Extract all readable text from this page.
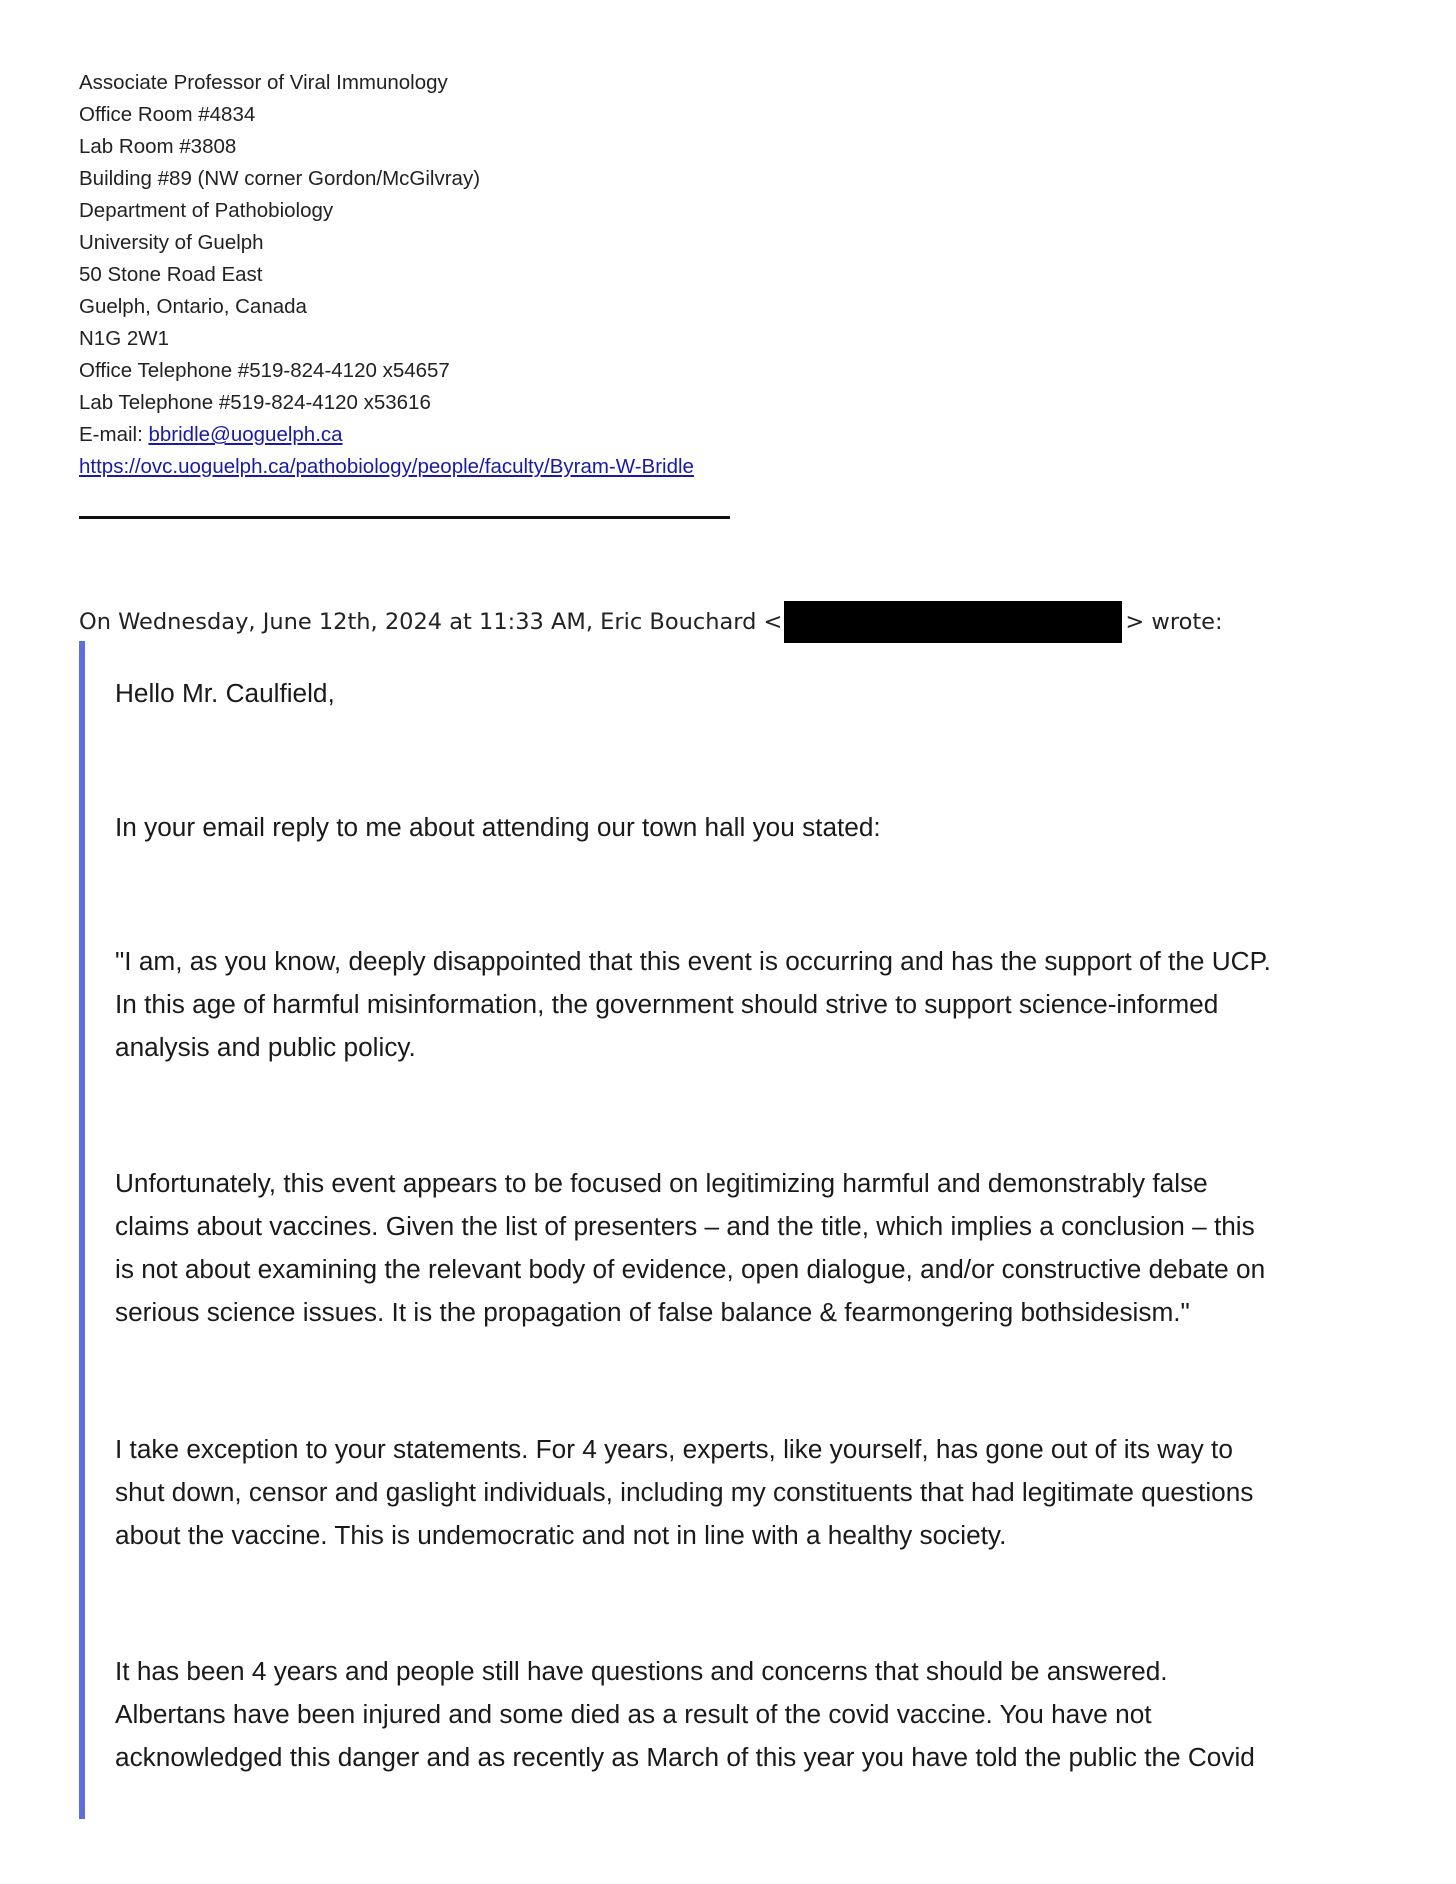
Associate Professor of Viral Immunology
Office Room #4834
Lab Room #3808
Building #89 (NW corner Gordon/McGilvray)
Department of Pathobiology
University of Guelph
50 Stone Road East
Guelph, Ontario, Canada
N1G 2W1
Office Telephone #519-824-4120 x54657
Lab Telephone #519-824-4120 x53616
E-mail: bbridle@uoguelph.ca
https://ovc.uoguelph.ca/pathobiology/people/faculty/Byram-W-Bridle
On Wednesday, June 12th, 2024 at 11:33 AM, Eric Bouchard <	> wrote:
Hello Mr. Caulfield,
In your email reply to me about attending our town hall you stated:
"I am, as you know, deeply disappointed that this event is occurring and has the support of the UCP.
In this age of harmful misinformation, the government should strive to support science-informed
analysis and public policy.
Unfortunately, this event appears to be focused on legitimizing harmful and demonstrably false
claims about vaccines. Given the list of presenters – and the title, which implies a conclusion – this
is not about examining the relevant body of evidence, open dialogue, and/or constructive debate on
serious science issues. It is the propagation of false balance & fearmongering bothsidesism."
I take exception to your statements. For 4 years, experts, like yourself, has gone out of its way to
shut down, censor and gaslight individuals, including my constituents that had legitimate questions
about the vaccine. This is undemocratic and not in line with a healthy society.
It has been 4 years and people still have questions and concerns that should be answered.
Albertans have been injured and some died as a result of the covid vaccine. You have not
acknowledged this danger and as recently as March of this year you have told the public the Covid
